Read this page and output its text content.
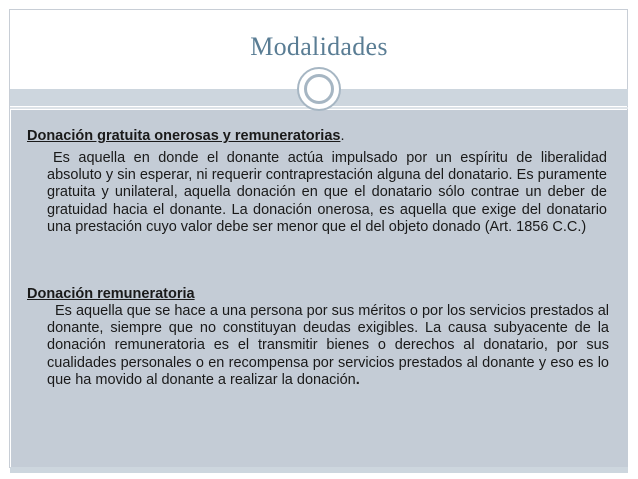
Modalidades
Donación gratuita onerosas y remuneratorias.
Es aquella en donde el donante actúa impulsado por un espíritu de liberalidad absoluto y sin esperar, ni requerir contraprestación alguna del donatario. Es puramente gratuita y unilateral, aquella donación en que el donatario sólo contrae un deber de gratuidad hacia el donante. La donación onerosa, es aquella que exige del donatario una prestación cuyo valor debe ser menor que el del objeto donado (Art. 1856 C.C.)
Donación remuneratoria
Es aquella que se hace a una persona por sus méritos o por los servicios prestados al donante, siempre que no constituyan deudas exigibles. La causa subyacente de la donación remuneratoria es el transmitir bienes o derechos al donatario, por sus cualidades personales o en recompensa por servicios prestados al donante y eso es lo que ha movido al donante a realizar la donación.
